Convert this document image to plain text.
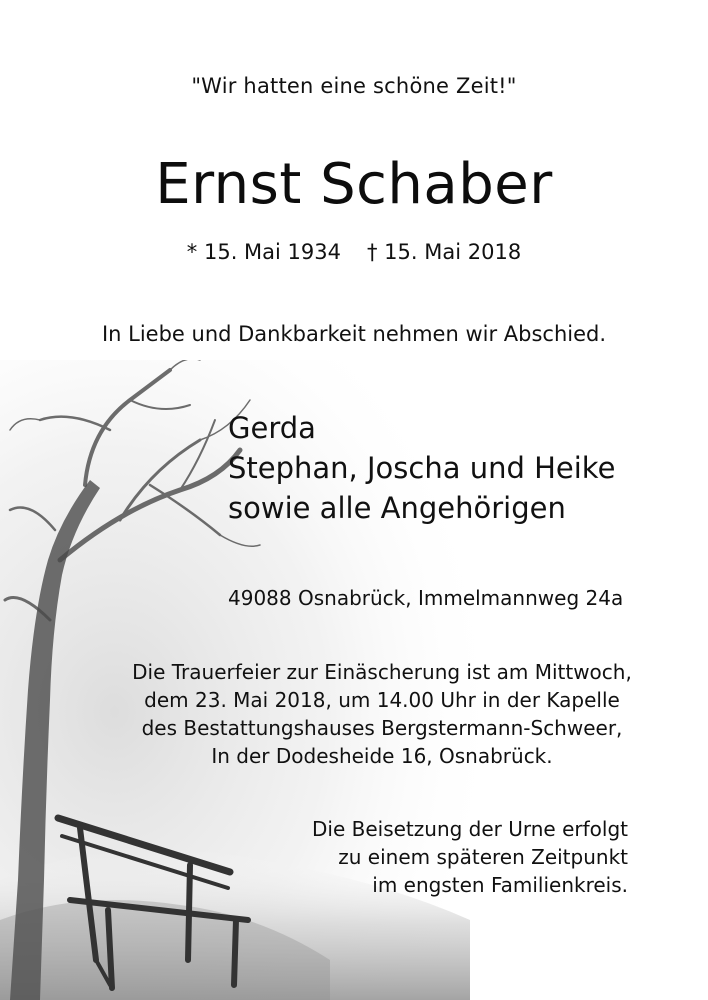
"Wir hatten eine schöne Zeit!"
Ernst Schaber
* 15. Mai 1934 † 15. Mai 2018
In Liebe und Dankbarkeit nehmen wir Abschied.
Gerda
Stephan, Joscha und Heike
sowie alle Angehörigen
49088 Osnabrück, Immelmannweg 24a
Die Trauerfeier zur Einäscherung ist am Mittwoch,
dem 23. Mai 2018, um 14.00 Uhr in der Kapelle
des Bestattungshauses Bergstermann-Schweer,
In der Dodesheide 16, Osnabrück.
Die Beisetzung der Urne erfolgt
zu einem späteren Zeitpunkt
im engsten Familienkreis.
